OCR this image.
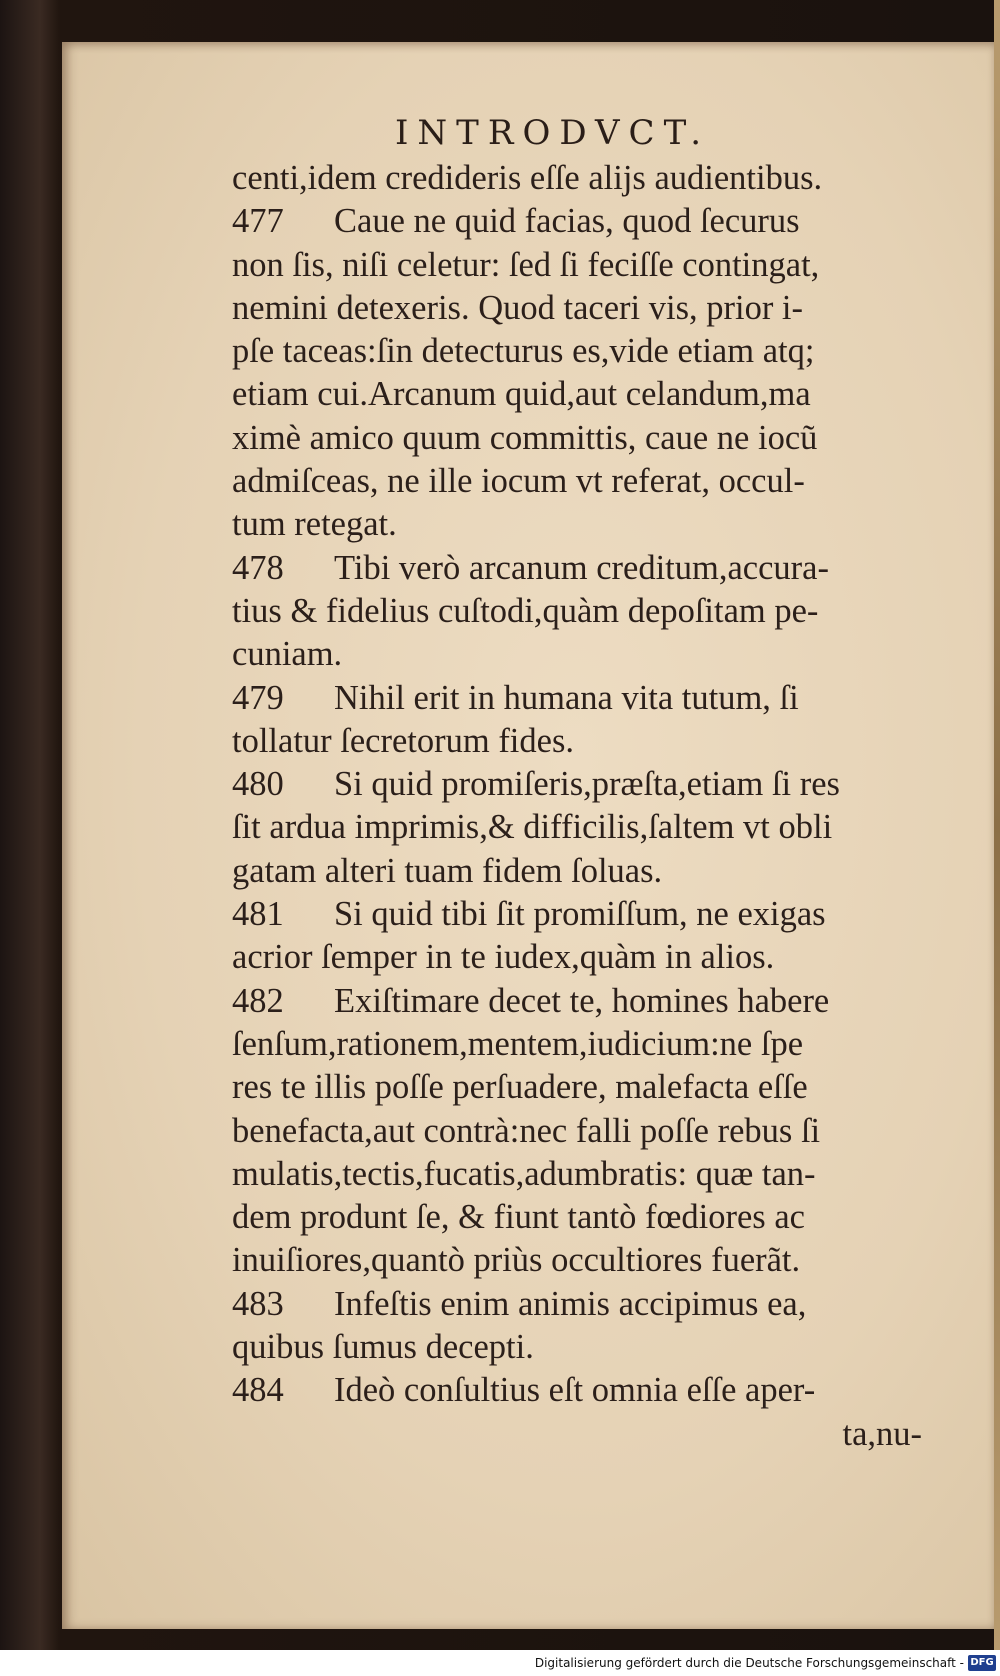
INTRODVCT.
centi,idem credideris eſſe alijs audientibus.
477 Caue ne quid facias, quod ſecurus
non ſis, niſi celetur: ſed ſi feciſſe contingat,
nemini detexeris. Quod taceri vis, prior i-
pſe taceas:ſin detecturus es,vide etiam atq;
etiam cui.Arcanum quid,aut celandum,ma
ximè amico quum committis, caue ne iocũ
admiſceas, ne ille iocum vt referat, occul-
tum retegat.
478 Tibi verò arcanum creditum,accura-
tius & fidelius cuſtodi,quàm depoſitam pe-
cuniam.
479 Nihil erit in humana vita tutum, ſi
tollatur ſecretorum fides.
480 Si quid promiſeris,præſta,etiam ſi res
ſit ardua imprimis,& difficilis,ſaltem vt obli
gatam alteri tuam fidem ſoluas.
481 Si quid tibi ſit promiſſum, ne exigas
acrior ſemper in te iudex,quàm in alios.
482 Exiſtimare decet te, homines habere
ſenſum,rationem,mentem,iudicium:ne ſpe
res te illis poſſe perſuadere, malefacta eſſe
benefacta,aut contrà:nec falli poſſe rebus ſi
mulatis,tectis,fucatis,adumbratis: quæ tan-
dem produnt ſe, & fiunt tantò fœdiores ac
inuiſiores,quantò priùs occultiores fuerãt.
483 Infeſtis enim animis accipimus ea,
quibus ſumus decepti.
484 Ideò conſultius eſt omnia eſſe aper-
ta,nu-
Digitalisierung gefördert durch die Deutsche Forschungsgemeinschaft - DFG
